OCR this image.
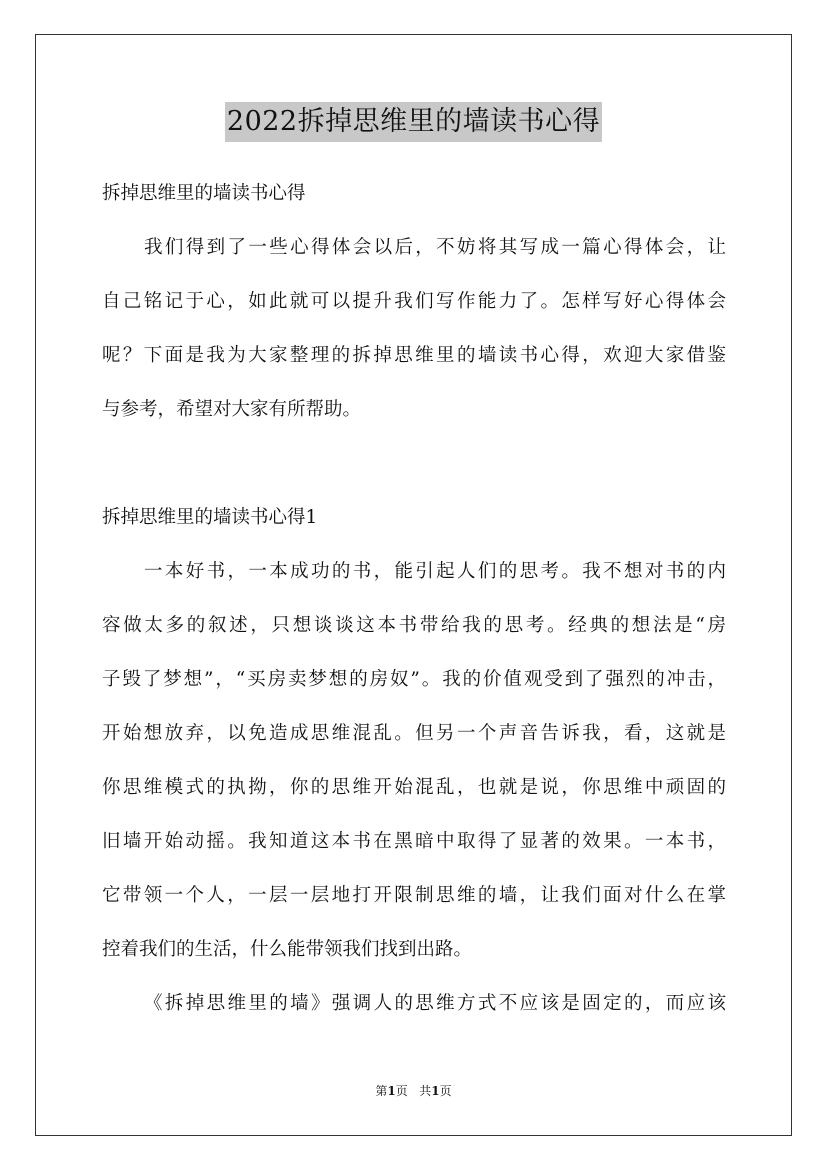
2022拆掉思维里的墙读书心得

拆掉思维里的墙读书心得

我们得到了一些心得体会以后，不妨将其写成一篇心得体会，让

自己铭记于心，如此就可以提升我们写作能力了。怎样写好心得体会

呢？下面是我为大家整理的拆掉思维里的墙读书心得，欢迎大家借鉴

与参考，希望对大家有所帮助。

拆掉思维里的墙读书心得1

一本好书，一本成功的书，能引起人们的思考。我不想对书的内

容做太多的叙述，只想谈谈这本书带给我的思考。经典的想法是“房

子毁了梦想”，“买房卖梦想的房奴”。我的价值观受到了强烈的冲击，

开始想放弃，以免造成思维混乱。但另一个声音告诉我，看，这就是

你思维模式的执拗，你的思维开始混乱，也就是说，你思维中顽固的

旧墙开始动摇。我知道这本书在黑暗中取得了显著的效果。一本书，

它带领一个人，一层一层地打开限制思维的墙，让我们面对什么在掌

控着我们的生活，什么能带领我们找到出路。

《拆掉思维里的墙》强调人的思维方式不应该是固定的，而应该

第1页 共1页
